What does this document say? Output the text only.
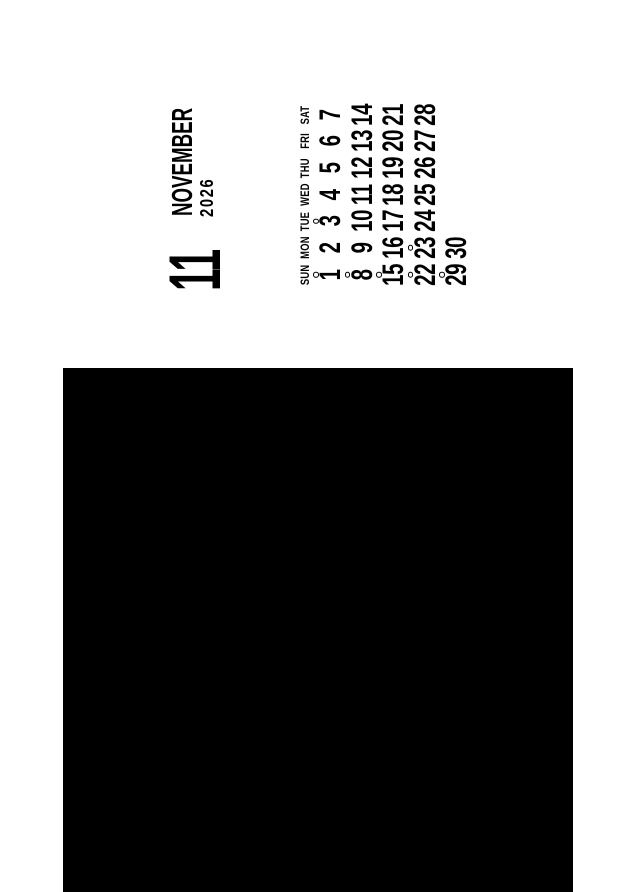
11
NOVEMBER
2026
SUN
MON
TUE
WED
THU
FRI
SAT
1
2
3
4
5
6
7
8
9
10
11
12
13
14
15
16
17
18
19
20
21
22
23
24
25
26
27
28
29
30
